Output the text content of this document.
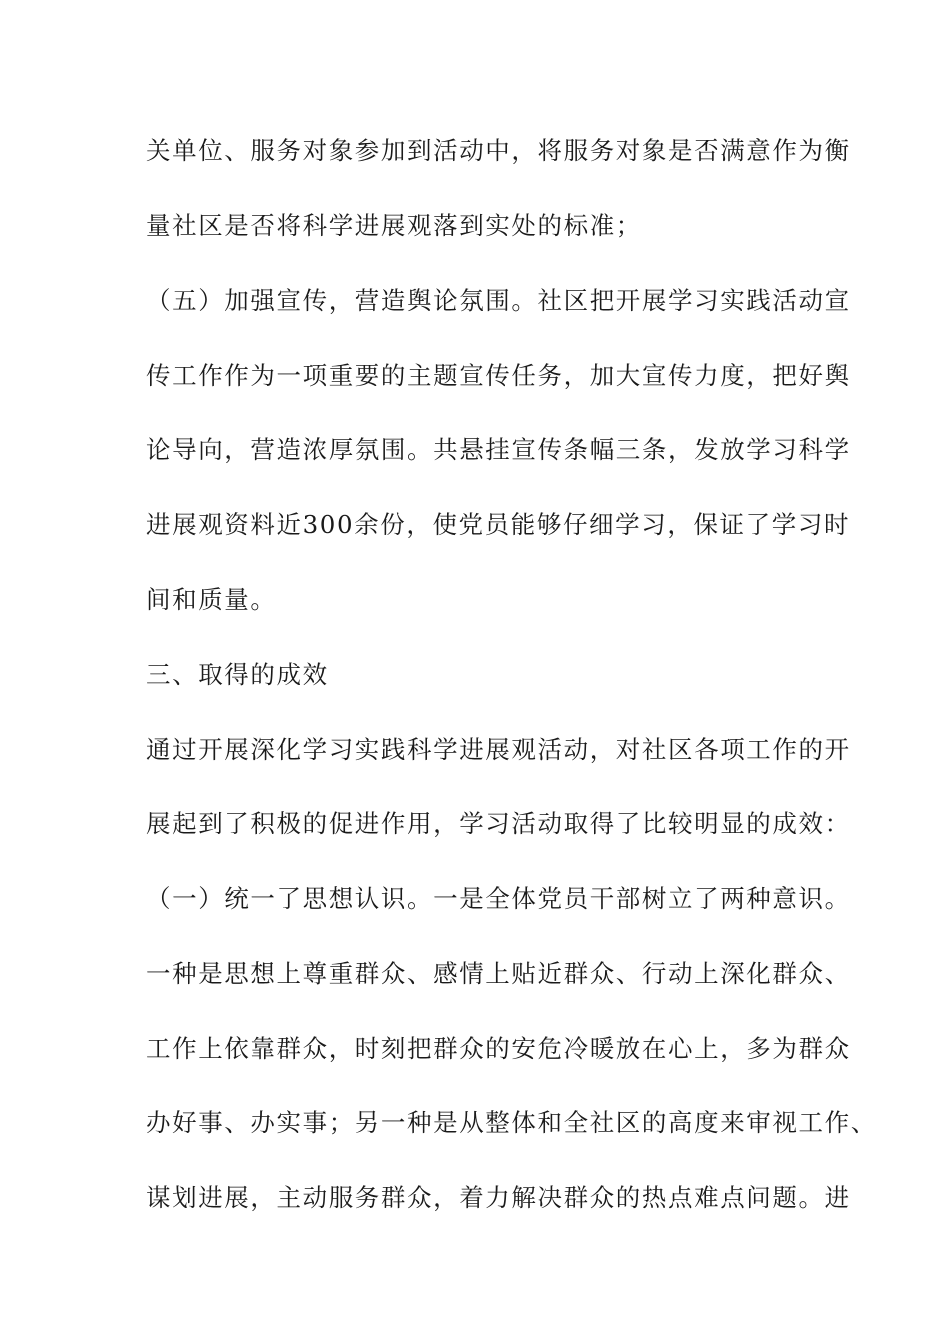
关单位、服务对象参加到活动中，将服务对象是否满意作为衡
量社区是否将科学进展观落到实处的标准；
（五）加强宣传，营造舆论氛围。社区把开展学习实践活动宣
传工作作为一项重要的主题宣传任务，加大宣传力度，把好舆
论导向，营造浓厚氛围。共悬挂宣传条幅三条，发放学习科学
进展观资料近300余份，使党员能够仔细学习，保证了学习时
间和质量。
三、取得的成效
通过开展深化学习实践科学进展观活动，对社区各项工作的开
展起到了积极的促进作用，学习活动取得了比较明显的成效：
（一）统一了思想认识。一是全体党员干部树立了两种意识。
一种是思想上尊重群众、感情上贴近群众、行动上深化群众、
工作上依靠群众，时刻把群众的安危冷暖放在心上，多为群众
办好事、办实事；另一种是从整体和全社区的高度来审视工作、
谋划进展，主动服务群众，着力解决群众的热点难点问题。进
